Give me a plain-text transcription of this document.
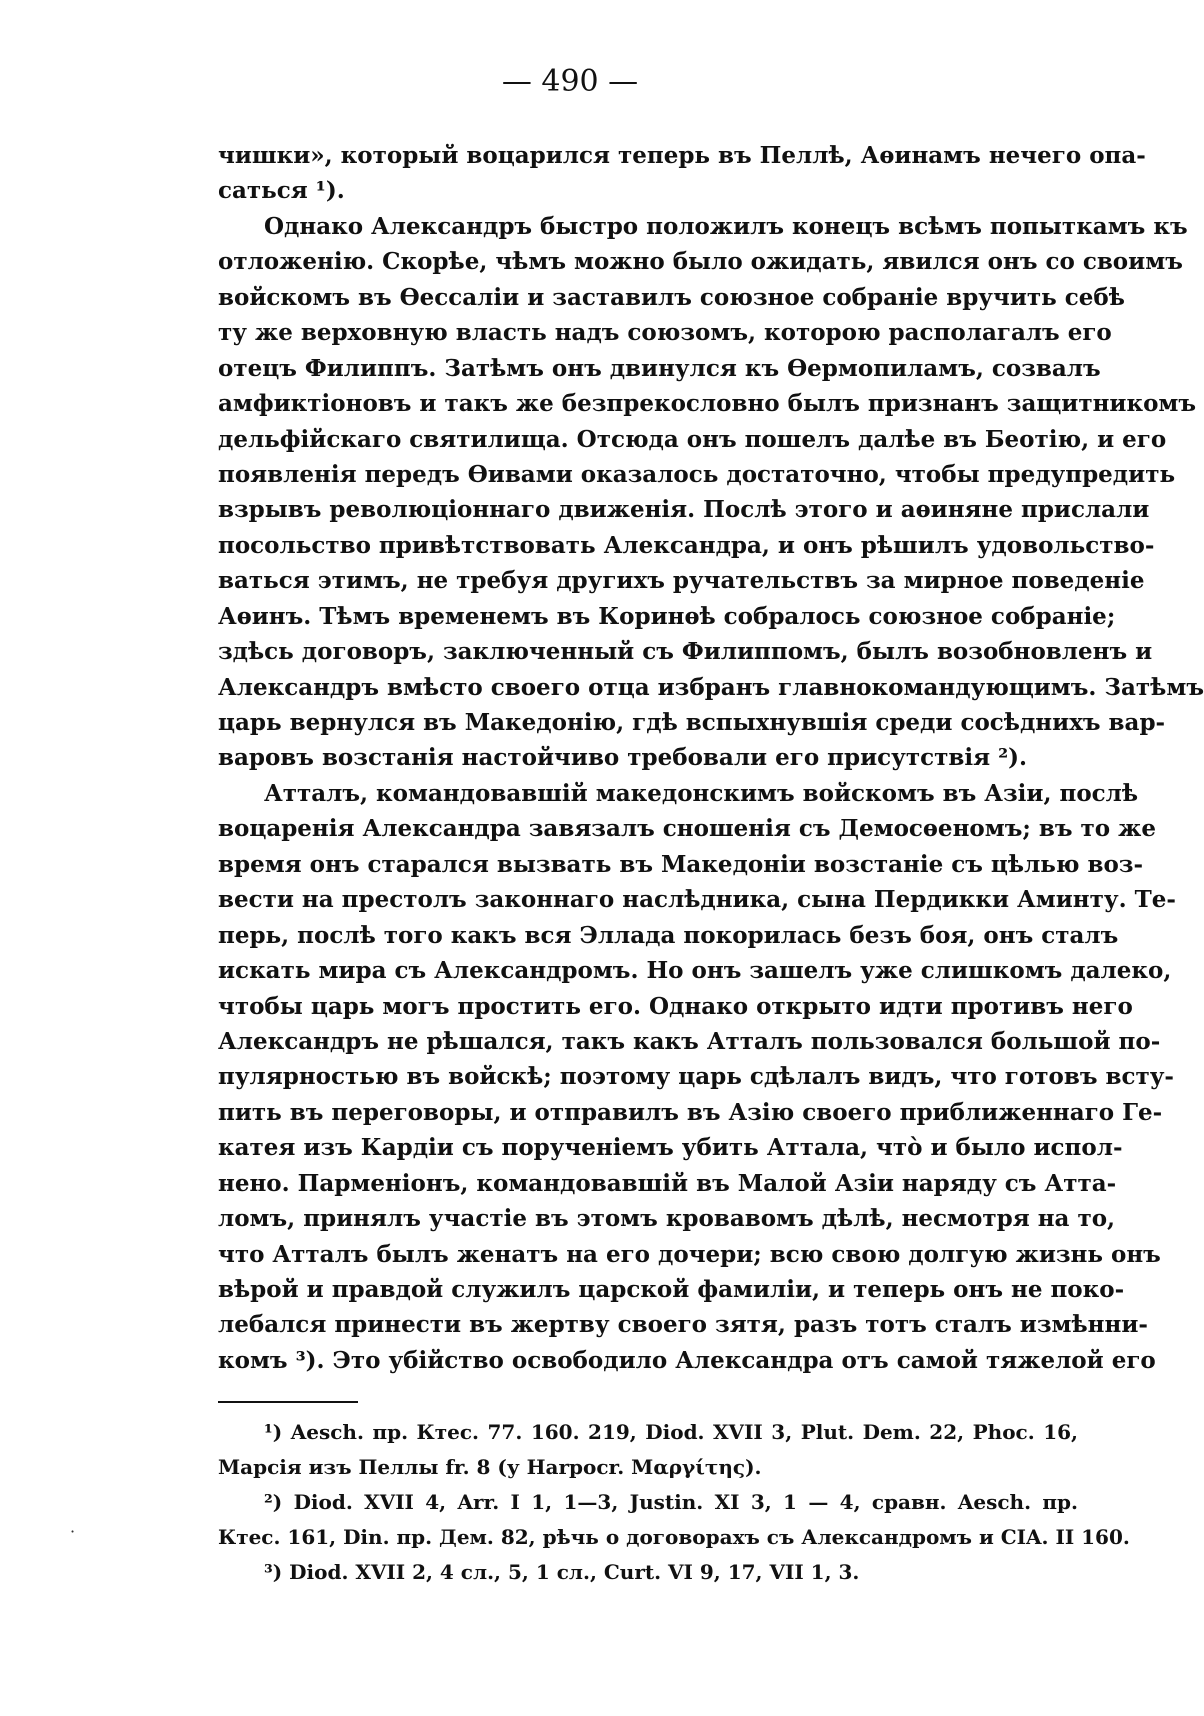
— 490 —
чишки», который воцарился теперь въ Пеллѣ, Аѳинамъ нечего опа-
саться ¹).
Однако Александръ быстро положилъ конецъ всѣмъ попыткамъ къ
отложенію. Скорѣе, чѣмъ можно было ожидать, явился онъ со своимъ
войскомъ въ Ѳессаліи и заставилъ союзное собраніе вручить себѣ
ту же верховную власть надъ союзомъ, которою располагалъ его
отецъ Филиппъ. Затѣмъ онъ двинулся къ Ѳермопиламъ, созвалъ
амфиктіоновъ и такъ же безпрекословно былъ признанъ защитникомъ
дельфійскаго святилища. Отсюда онъ пошелъ далѣе въ Беотію, и его
появленія передъ Ѳивами оказалось достаточно, чтобы предупредить
взрывъ революціоннаго движенія. Послѣ этого и аѳиняне прислали
посольство привѣтствовать Александра, и онъ рѣшилъ удовольство-
ваться этимъ, не требуя другихъ ручательствъ за мирное поведеніе
Аѳинъ. Тѣмъ временемъ въ Коринѳѣ собралось союзное собраніе;
здѣсь договоръ, заключенный съ Филиппомъ, былъ возобновленъ и
Александръ вмѣсто своего отца избранъ главнокомандующимъ. Затѣмъ
царь вернулся въ Македонію, гдѣ вспыхнувшія среди сосѣднихъ вар-
варовъ возстанія настойчиво требовали его присутствія ²).
Атталъ, командовавшій македонскимъ войскомъ въ Азіи, послѣ
воцаренія Александра завязалъ сношенія съ Демосѳеномъ; въ то же
время онъ старался вызвать въ Македоніи возстаніе съ цѣлью воз-
вести на престолъ законнаго наслѣдника, сына Пердикки Аминту. Те-
перь, послѣ того какъ вся Эллада покорилась безъ боя, онъ сталъ
искать мира съ Александромъ. Но онъ зашелъ уже слишкомъ далеко,
чтобы царь могъ простить его. Однако открыто идти противъ него
Александръ не рѣшался, такъ какъ Атталъ пользовался большой по-
пулярностью въ войскѣ; поэтому царь сдѣлалъ видъ, что готовъ всту-
пить въ переговоры, и отправилъ въ Азію своего приближеннаго Ге-
катея изъ Кардіи съ порученіемъ убить Аттала, что̀ и было испол-
нено. Парменіонъ, командовавшій въ Малой Азіи наряду съ Атта-
ломъ, принялъ участіе въ этомъ кровавомъ дѣлѣ, несмотря на то,
что Атталъ былъ женатъ на его дочери; всю свою долгую жизнь онъ
вѣрой и правдой служилъ царской фамиліи, и теперь онъ не поко-
лебался принести въ жертву своего зятя, разъ тотъ сталъ измѣнни-
комъ ³). Это убійство освободило Александра отъ самой тяжелой его
¹) Aesch. пр. Ктес. 77. 160. 219, Diod. XVII 3, Plut. Dem. 22, Phoc. 16,
Марсія изъ Пеллы fr. 8 (у Harpocr. Μαργίτης).
²) Diod. XVII 4, Arr. I 1, 1—3, Justin. XI 3, 1 — 4, сравн. Aesch. пр.
Ктес. 161, Din. пр. Дем. 82, рѣчь о договорахъ съ Александромъ и CIA. II 160.
³) Diod. XVII 2, 4 сл., 5, 1 сл., Curt. VI 9, 17, VII 1, 3.
·
